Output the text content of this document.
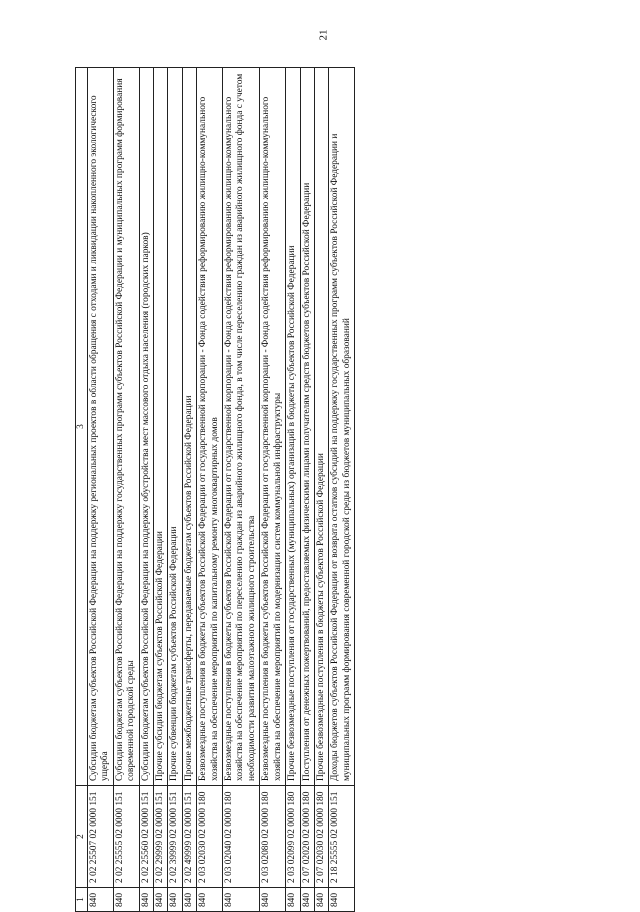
21
1	2	3
840	2 02 25507 02 0000 151	Субсидии бюджетам субъектов Российской Федерации на поддержку региональных проектов в области обращения с отходами и ликвидации накопленного экологического ущерба
840	2 02 25555 02 0000 151	Субсидии бюджетам субъектов Российской Федерации на поддержку государственных программ субъектов Российской Федерации и муниципальных программ формирования современной городской среды
840	2 02 25560 02 0000 151	Субсидии бюджетам субъектов Российской Федерации на поддержку обустройства мест массового отдыха населения (городских парков)
840	2 02 29999 02 0000 151	Прочие субсидии бюджетам субъектов Российской Федерации
840	2 02 39999 02 0000 151	Прочие субвенции бюджетам субъектов Российской Федерации
840	2 02 49999 02 0000 151	Прочие межбюджетные трансферты, передаваемые бюджетам субъектов Российской Федерации
840	2 03 02030 02 0000 180	Безвозмездные поступления в бюджеты субъектов Российской Федерации от государственной корпорации - Фонда содействия реформированию жилищно-коммунального хозяйства на обеспечение мероприятий по капитальному ремонту многоквартирных домов
840	2 03 02040 02 0000 180	Безвозмездные поступления в бюджеты субъектов Российской Федерации от государственной корпорации - Фонда содействия реформированию жилищно-коммунального хозяйства на обеспечение мероприятий по переселению граждан из аварийного жилищного фонда, в том числе переселению граждан из аварийного жилищного фонда с учетом необходимости развития малоэтажного жилищного строительства
840	2 03 02080 02 0000 180	Безвозмездные поступления в бюджеты субъектов Российской Федерации от государственной корпорации - Фонда содействия реформированию жилищно-коммунального хозяйства на обеспечение мероприятий по модернизации систем коммунальной инфраструктуры
840	2 03 02099 02 0000 180	Прочие безвозмездные поступления от государственных (муниципальных) организаций в бюджеты субъектов Российской Федерации
840	2 07 02020 02 0000 180	Поступления от денежных пожертвований, предоставляемых физическими лицами получателям средств бюджетов субъектов Российской Федерации
840	2 07 02030 02 0000 180	Прочие безвозмездные поступления в бюджеты субъектов Российской Федерации
840	2 18 25555 02 0000 151	Доходы бюджетов субъектов Российской Федерации от возврата остатков субсидий на поддержку государственных программ субъектов Российской Федерации и муниципальных программ формирования современной городской среды из бюджетов муниципальных образований
